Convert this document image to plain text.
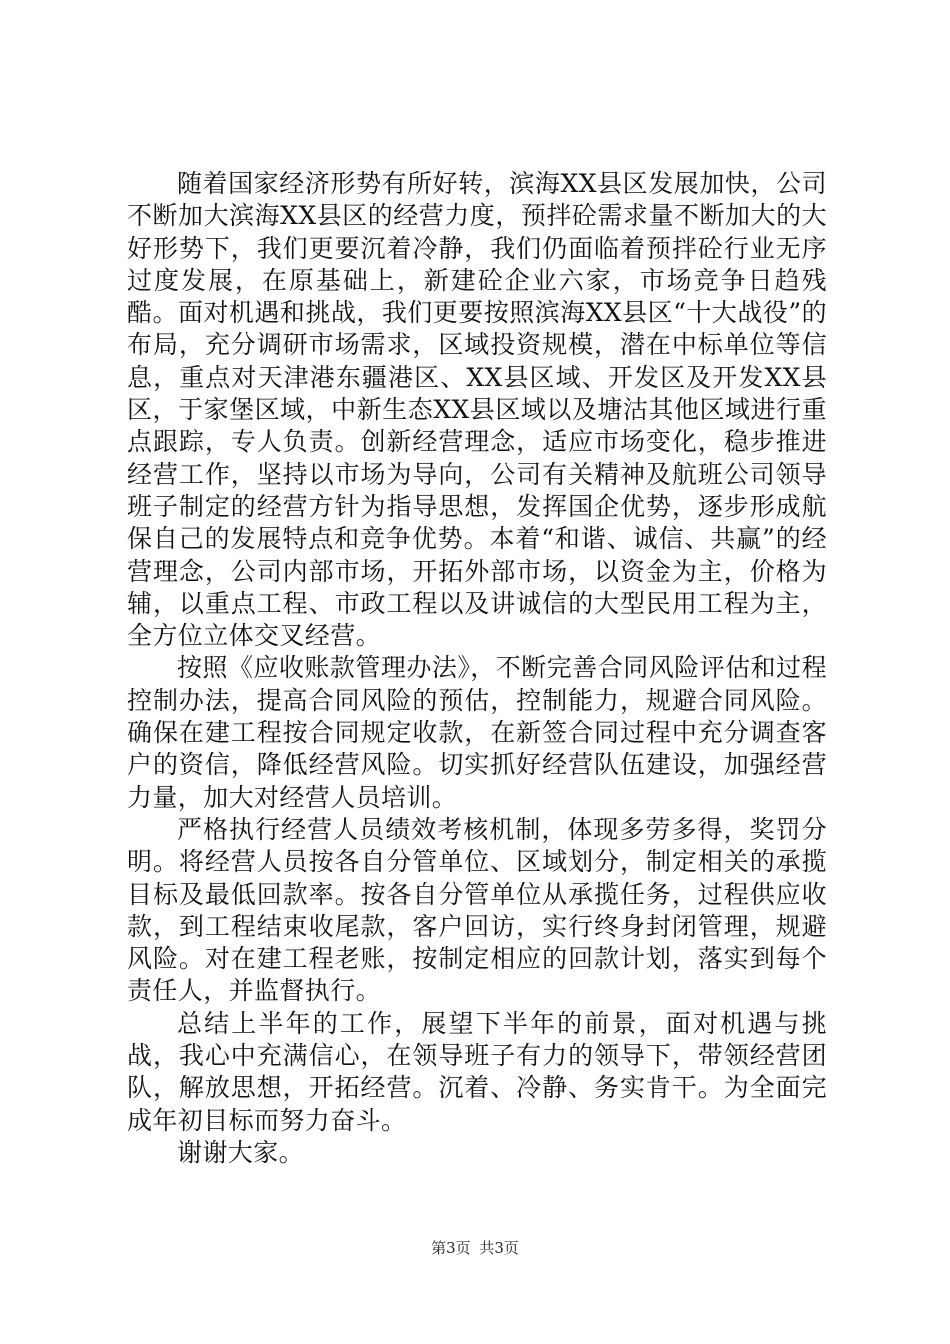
随着国家经济形势有所好转，滨海XX县区发展加快，公司不断加大滨海XX县区的经营力度，预拌砼需求量不断加大的大好形势下，我们更要沉着冷静，我们仍面临着预拌砼行业无序过度发展，在原基础上，新建砼企业六家，市场竞争日趋残酷。面对机遇和挑战，我们更要按照滨海XX县区“十大战役”的布局，充分调研市场需求，区域投资规模，潜在中标单位等信息，重点对天津港东疆港区、XX县区域、开发区及开发XX县区，于家堡区域，中新生态XX县区域以及塘沽其他区域进行重点跟踪，专人负责。创新经营理念，适应市场变化，稳步推进经营工作，坚持以市场为导向，公司有关精神及航班公司领导班子制定的经营方针为指导思想，发挥国企优势，逐步形成航保自己的发展特点和竞争优势。本着“和谐、诚信、共赢”的经营理念，公司内部市场，开拓外部市场，以资金为主，价格为辅，以重点工程、市政工程以及讲诚信的大型民用工程为主，全方位立体交叉经营。

按照《应收账款管理办法》，不断完善合同风险评估和过程控制办法，提高合同风险的预估，控制能力，规避合同风险。确保在建工程按合同规定收款，在新签合同过程中充分调查客户的资信，降低经营风险。切实抓好经营队伍建设，加强经营力量，加大对经营人员培训。

严格执行经营人员绩效考核机制，体现多劳多得，奖罚分明。将经营人员按各自分管单位、区域划分，制定相关的承揽目标及最低回款率。按各自分管单位从承揽任务，过程供应收款，到工程结束收尾款，客户回访，实行终身封闭管理，规避风险。对在建工程老账，按制定相应的回款计划，落实到每个责任人，并监督执行。

总结上半年的工作，展望下半年的前景，面对机遇与挑战，我心中充满信心，在领导班子有力的领导下，带领经营团队，解放思想，开拓经营。沉着、冷静、务实肯干。为全面完成年初目标而努力奋斗。

谢谢大家。

第3页 共3页
